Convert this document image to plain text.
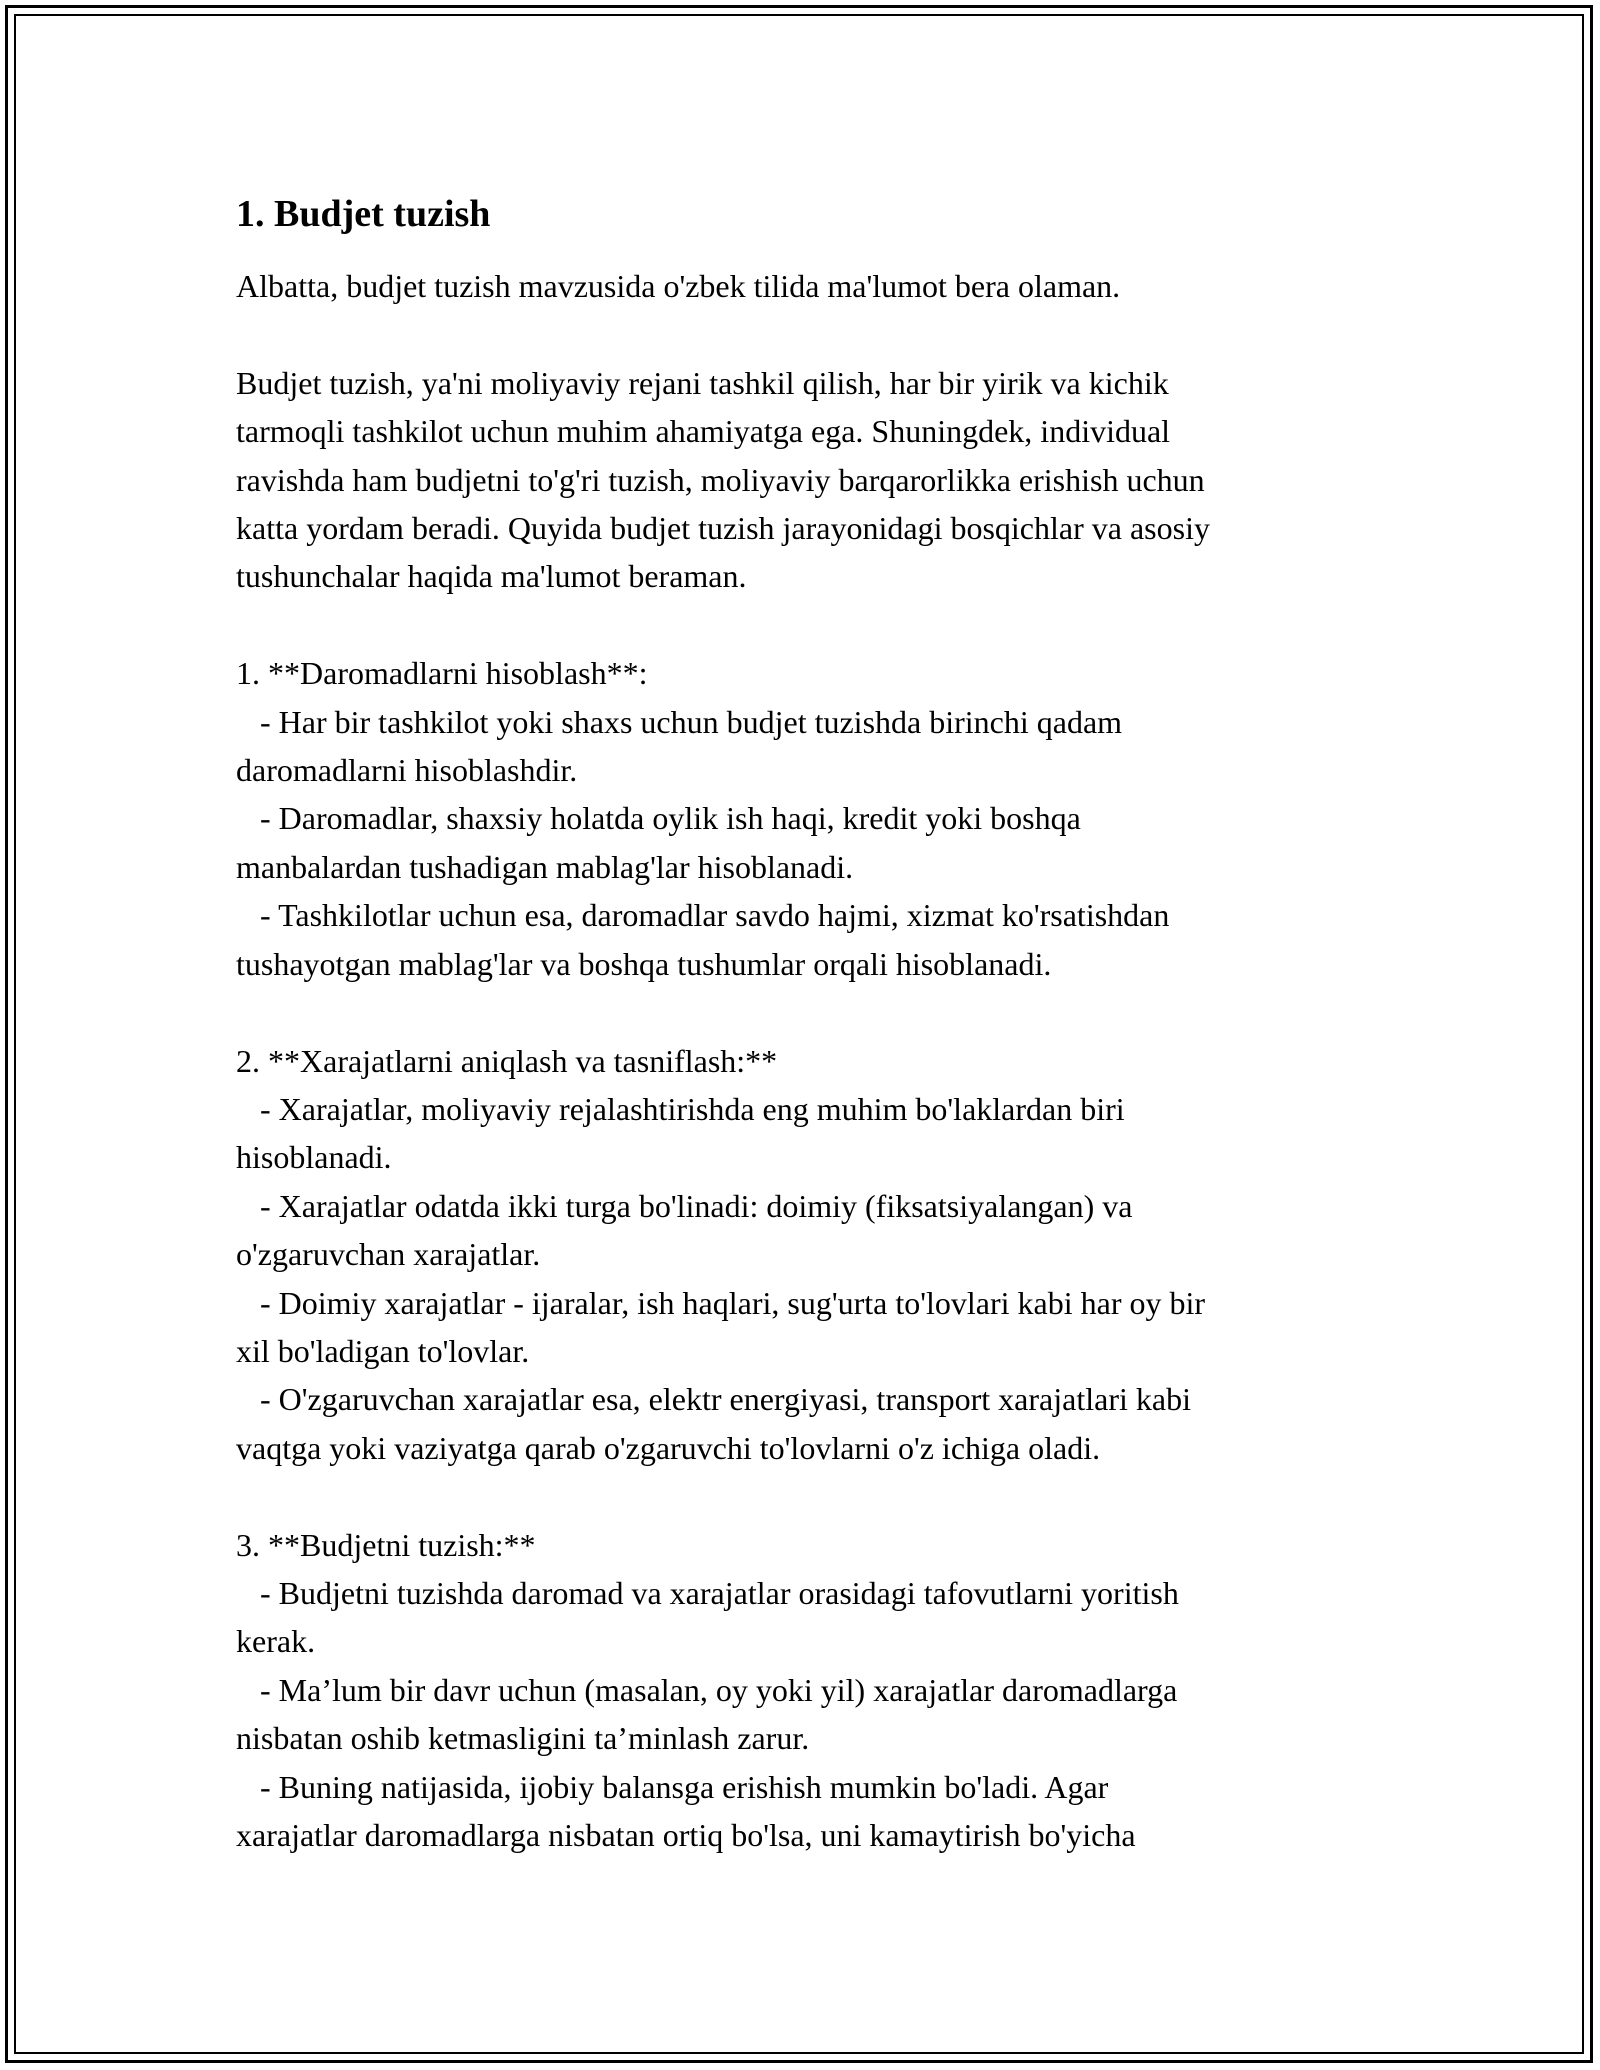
1. Budjet tuzish

Albatta, budjet tuzish mavzusida o'zbek tilida ma'lumot bera olaman.

Budjet tuzish, ya'ni moliyaviy rejani tashkil qilish, har bir yirik va kichik
tarmoqli tashkilot uchun muhim ahamiyatga ega. Shuningdek, individual
ravishda ham budjetni to'g'ri tuzish, moliyaviy barqarorlikka erishish uchun
katta yordam beradi. Quyida budjet tuzish jarayonidagi bosqichlar va asosiy
tushunchalar haqida ma'lumot beraman.

1. **Daromadlarni hisoblash**:
- Har bir tashkilot yoki shaxs uchun budjet tuzishda birinchi qadam
daromadlarni hisoblashdir.
- Daromadlar, shaxsiy holatda oylik ish haqi, kredit yoki boshqa
manbalardan tushadigan mablag'lar hisoblanadi.
- Tashkilotlar uchun esa, daromadlar savdo hajmi, xizmat ko'rsatishdan
tushayotgan mablag'lar va boshqa tushumlar orqali hisoblanadi.

2. **Xarajatlarni aniqlash va tasniflash:**
- Xarajatlar, moliyaviy rejalashtirishda eng muhim bo'laklardan biri
hisoblanadi.
- Xarajatlar odatda ikki turga bo'linadi: doimiy (fiksatsiyalangan) va
o'zgaruvchan xarajatlar.
- Doimiy xarajatlar - ijaralar, ish haqlari, sug'urta to'lovlari kabi har oy bir
xil bo'ladigan to'lovlar.
- O'zgaruvchan xarajatlar esa, elektr energiyasi, transport xarajatlari kabi
vaqtga yoki vaziyatga qarab o'zgaruvchi to'lovlarni o'z ichiga oladi.

3. **Budjetni tuzish:**
- Budjetni tuzishda daromad va xarajatlar orasidagi tafovutlarni yoritish
kerak.
- Ma’lum bir davr uchun (masalan, oy yoki yil) xarajatlar daromadlarga
nisbatan oshib ketmasligini ta’minlash zarur.
- Buning natijasida, ijobiy balansga erishish mumkin bo'ladi. Agar
xarajatlar daromadlarga nisbatan ortiq bo'lsa, uni kamaytirish bo'yicha
